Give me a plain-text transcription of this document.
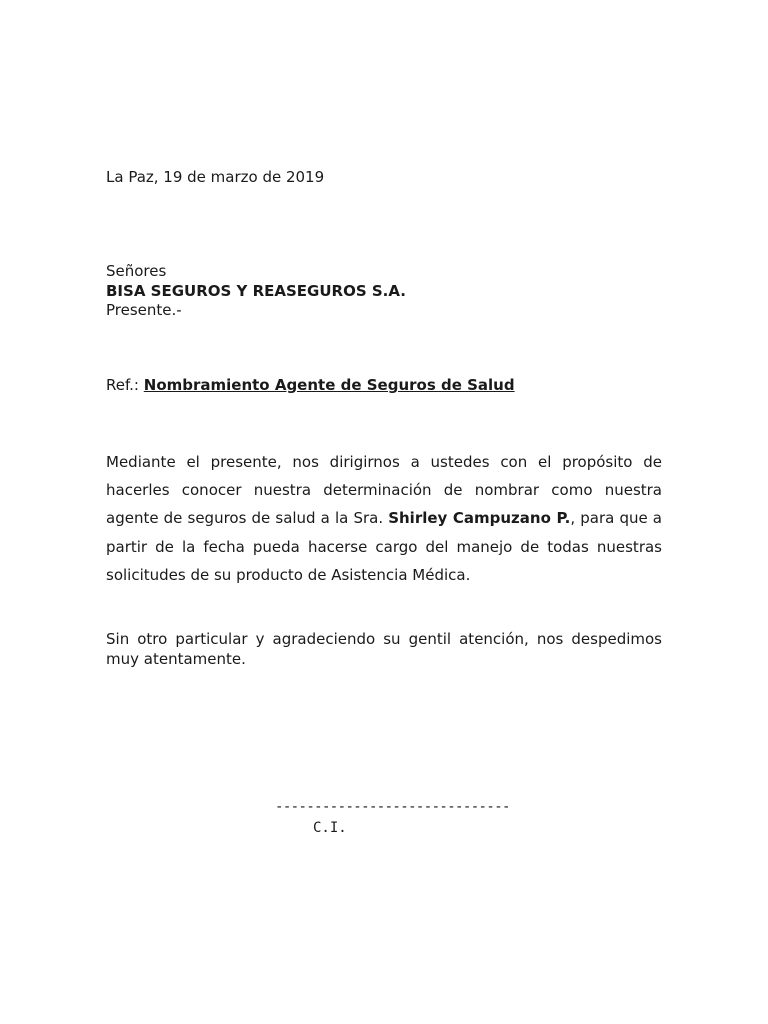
La Paz, 19 de marzo de 2019
Señores
BISA SEGUROS Y REASEGUROS S.A.
Presente.-
Ref.: Nombramiento Agente de Seguros de Salud
Mediante el presente, nos dirigirnos a ustedes con el propósito de hacerles conocer nuestra determinación de nombrar como nuestra agente de seguros de salud a la Sra. Shirley Campuzano P., para que a partir de la fecha pueda hacerse cargo del manejo de todas nuestras solicitudes de su producto de Asistencia Médica.
Sin otro particular y agradeciendo su gentil atención, nos despedimos muy atentamente.
------------------------------
C.I.
